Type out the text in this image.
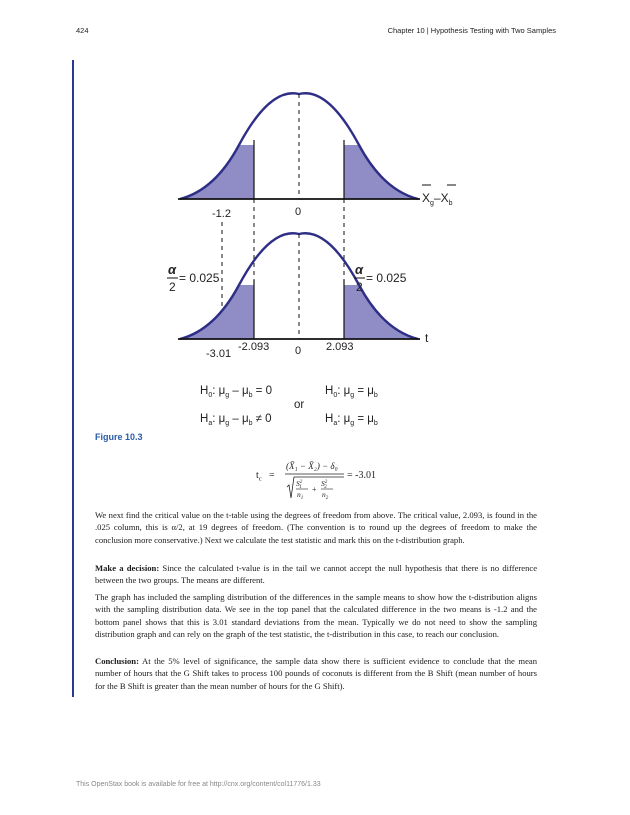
424	Chapter 10 | Hypothesis Testing with Two Samples
$X_g-X_b$
0
-1.2
α
2
= 0.025
α
2
= 0.025
t
-3.01
-2.093 0 2.093
$H_0$: $\mu_g - \mu_b = 0$
$H_a$: $\mu_g - \mu_b \ne 0$
or
$H_0$: $\mu_g = \mu_b$
$H_a$: $\mu_g = \mu_b$
Figure 10.3
$t_c$ =
(X̄₁ − X̄₂) − δ₀
$S^2$ 1
$n_1$
+
$S^2$ 2
$n_2$
= -3.01

We next find the critical value on the t-table using the degrees of freedom from above. The critical value, 2.093, is found in the .025 column, this is α/2, at 19 degrees of freedom. (The convention is to round up the degrees of freedom to make the conclusion more conservative.) Next we calculate the test statistic and mark this on the t-distribution graph.

Make a decision: Since the calculated t-value is in the tail we cannot accept the null hypothesis that there is no difference between the two groups. The means are different.

The graph has included the sampling distribution of the differences in the sample means to show how the t-distribution aligns with the sampling distribution data. We see in the top panel that the calculated difference in the two means is -1.2 and the bottom panel shows that this is 3.01 standard deviations from the mean. Typically we do not need to show the sampling distribution graph and can rely on the graph of the test statistic, the t-distribution in this case, to reach our conclusion.

Conclusion: At the 5% level of significance, the sample data show there is sufficient evidence to conclude that the mean number of hours that the G Shift takes to process 100 pounds of coconuts is different from the B Shift (mean number of hours for the B Shift is greater than the mean number of hours for the G Shift).

This OpenStax book is available for free at http://cnx.org/content/col11776/1.33
